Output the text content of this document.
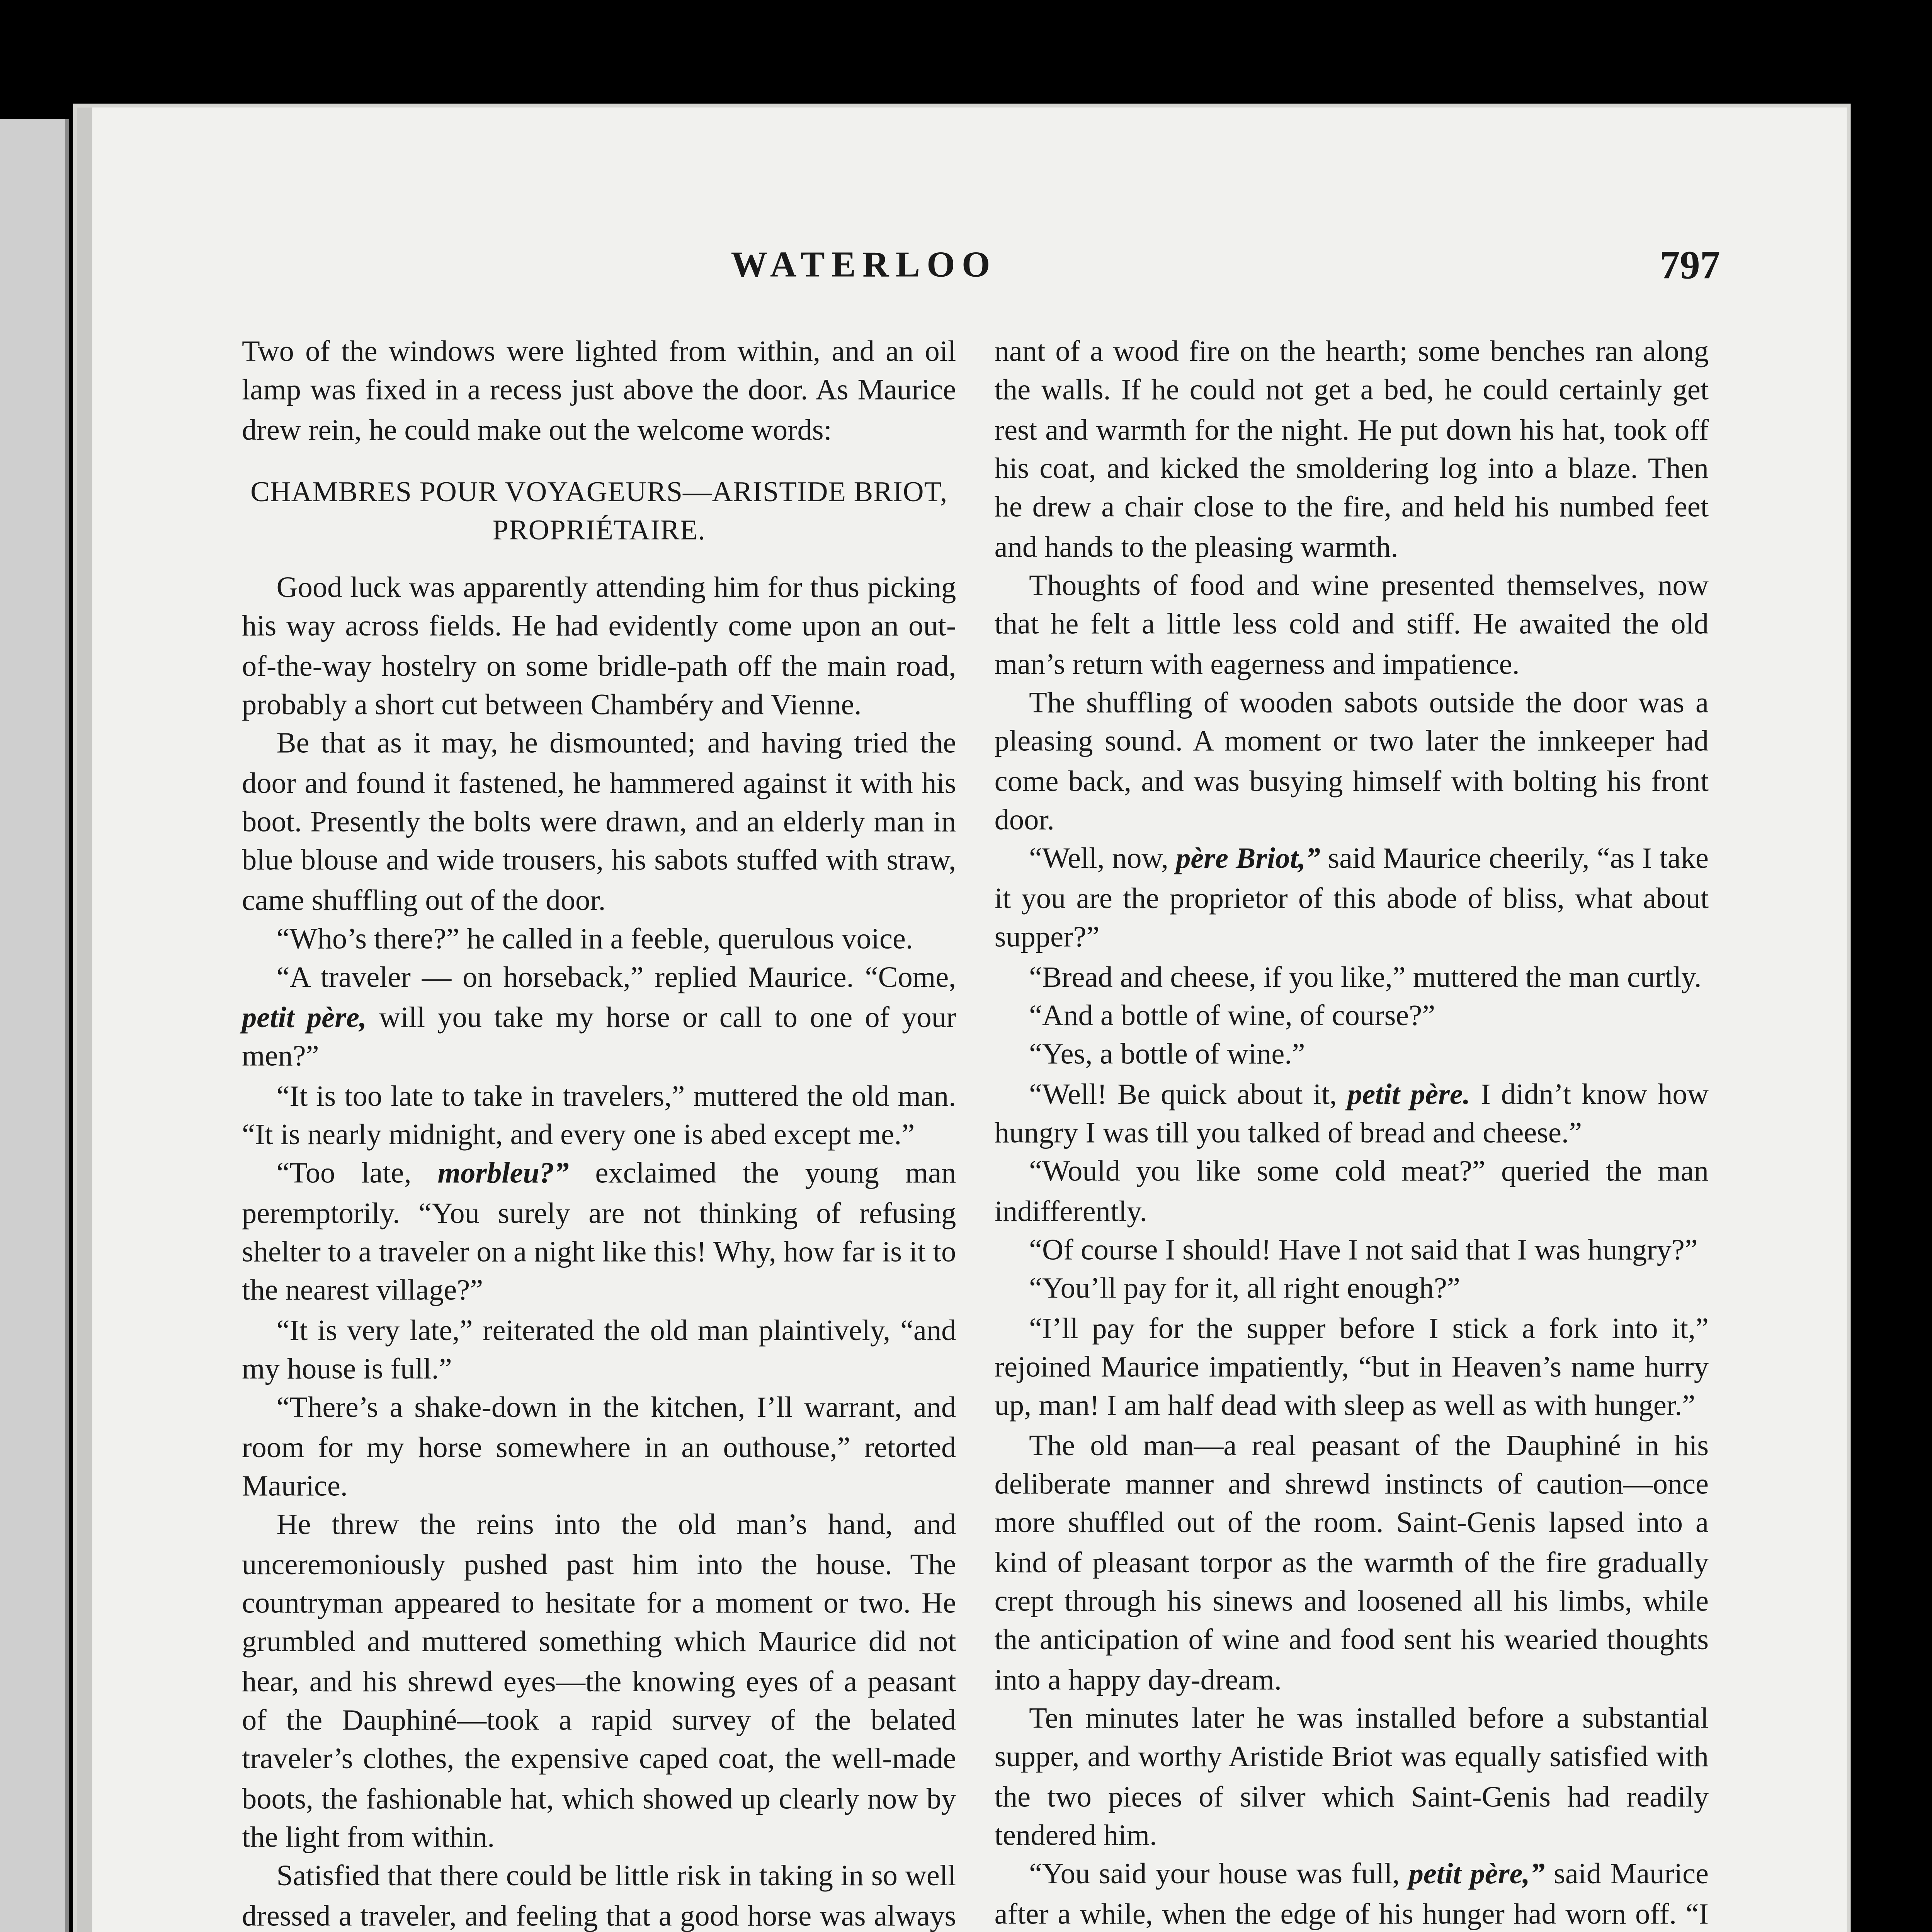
WATERLOO	797

Two of the windows were lighted from within, and an oil lamp was fixed in a recess just above the door. As Maurice drew rein, he could make out the welcome words:

CHAMBRES POUR VOYAGEURS—ARISTIDE BRIOT, PROPRIÉTAIRE.

Good luck was apparently attending him for thus picking his way across fields. He had evidently come upon an out-of-the-way hostelry on some bridle-path off the main road, probably a short cut between Chambéry and Vienne.

Be that as it may, he dismounted; and having tried the door and found it fastened, he hammered against it with his boot. Presently the bolts were drawn, and an elderly man in blue blouse and wide trousers, his sabots stuffed with straw, came shuffling out of the door.

“Who’s there?” he called in a feeble, querulous voice.

“A traveler — on horseback,” replied Maurice. “Come, petit père, will you take my horse or call to one of your men?”

“It is too late to take in travelers,” muttered the old man. “It is nearly midnight, and every one is abed except me.”

“Too late, morbleu?” exclaimed the young man peremptorily. “You surely are not thinking of refusing shelter to a traveler on a night like this! Why, how far is it to the nearest village?”

“It is very late,” reiterated the old man plaintively, “and my house is full.”

“There’s a shake-down in the kitchen, I’ll warrant, and room for my horse somewhere in an outhouse,” retorted Maurice.

He threw the reins into the old man’s hand, and unceremoniously pushed past him into the house. The countryman appeared to hesitate for a moment or two. He grumbled and muttered something which Maurice did not hear, and his shrewd eyes—the knowing eyes of a peasant of the Dauphiné—took a rapid survey of the belated traveler’s clothes, the expensive caped coat, the well-made boots, the fashionable hat, which showed up clearly now by the light from within.

Satisfied that there could be little risk in taking in so well dressed a traveler, and feeling that a good horse was always

nant of a wood fire on the hearth; some benches ran along the walls. If he could not get a bed, he could certainly get rest and warmth for the night. He put down his hat, took off his coat, and kicked the smoldering log into a blaze. Then he drew a chair close to the fire, and held his numbed feet and hands to the pleasing warmth.

Thoughts of food and wine presented themselves, now that he felt a little less cold and stiff. He awaited the old man’s return with eagerness and impatience.

The shuffling of wooden sabots outside the door was a pleasing sound. A moment or two later the innkeeper had come back, and was busying himself with bolting his front door.

“Well, now, père Briot,” said Maurice cheerily, “as I take it you are the proprietor of this abode of bliss, what about supper?”

“Bread and cheese, if you like,” muttered the man curtly.

“And a bottle of wine, of course?”

“Yes, a bottle of wine.”

“Well! Be quick about it, petit père. I didn’t know how hungry I was till you talked of bread and cheese.”

“Would you like some cold meat?” queried the man indifferently.

“Of course I should! Have I not said that I was hungry?”

“You’ll pay for it, all right enough?”

“I’ll pay for the supper before I stick a fork into it,” rejoined Maurice impatiently, “but in Heaven’s name hurry up, man! I am half dead with sleep as well as with hunger.”

The old man—a real peasant of the Dauphiné in his deliberate manner and shrewd instincts of caution—once more shuffled out of the room. Saint-Genis lapsed into a kind of pleasant torpor as the warmth of the fire gradually crept through his sinews and loosened all his limbs, while the anticipation of wine and food sent his wearied thoughts into a happy day-dream.

Ten minutes later he was installed before a substantial supper, and worthy Aristide Briot was equally satisfied with the two pieces of silver which Saint-Genis had readily tendered him.

“You said your house was full, petit père,” said Maurice after a while, when the edge of his hunger had worn off. “I
